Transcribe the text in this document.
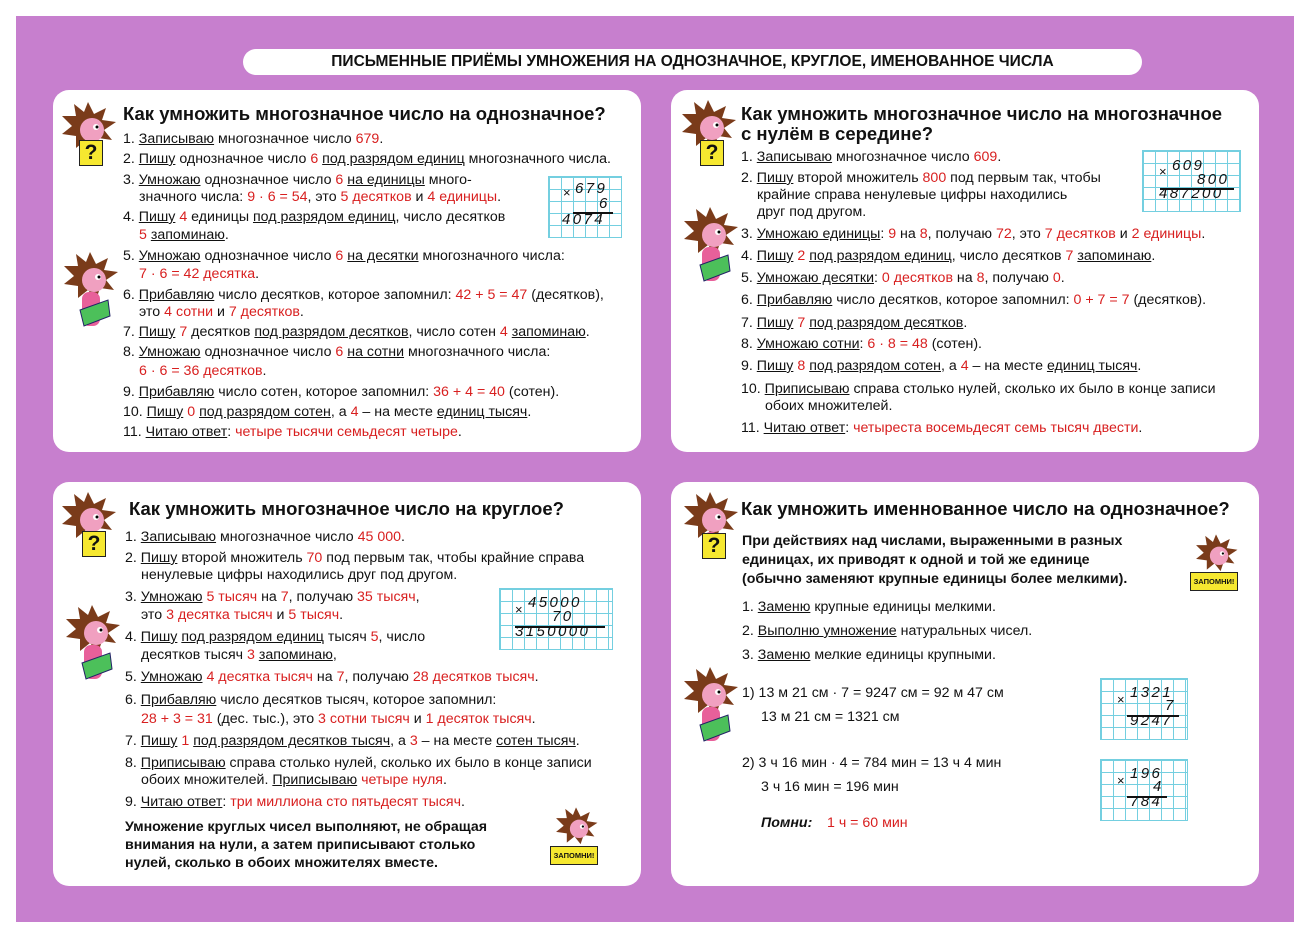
ПИСЬМЕННЫЕ ПРИЁМЫ УМНОЖЕНИЯ НА ОДНОЗНАЧНОЕ, КРУГЛОЕ, ИМЕНОВАННОЕ ЧИСЛА
Как умножить многозначное число на однозначное?
1. Записываю многозначное число 679.
2. Пишу однозначное число 6 под разрядом единиц многозначного числа.
3. Умножаю однозначное число 6 на единицы много-
значного числа: 9 · 6 = 54, это 5 десятков и 4 единицы.
4. Пишу 4 единицы под разрядом единиц, число десятков
5 запоминаю.
5. Умножаю однозначное число 6 на десятки многозначного числа:
7 · 6 = 42 десятка.
6. Прибавляю число десятков, которое запомнил: 42 + 5 = 47 (десятков),
это 4 сотни и 7 десятков.
7. Пишу 7 десятков под разрядом десятков, число сотен 4 запоминаю.
8. Умножаю однозначное число 6 на сотни многозначного числа:
6 · 6 = 36 десятков.
9. Прибавляю число сотен, которое запомнил: 36 + 4 = 40 (сотен).
10. Пишу 0 под разрядом сотен, а 4 – на месте единиц тысяч.
11. Читаю ответ: четыре тысячи семьдесят четыре.
× 679
6
4074
Как умножить многозначное число на многозначное
с нулём в середине?
1. Записываю многозначное число 609.
2. Пишу второй множитель 800 под первым так, чтобы
крайние справа ненулевые цифры находились
друг под другом.
3. Умножаю единицы: 9 на 8, получаю 72, это 7 десятков и 2 единицы.
4. Пишу 2 под разрядом единиц, число десятков 7 запоминаю.
5. Умножаю десятки: 0 десятков на 8, получаю 0.
6. Прибавляю число десятков, которое запомнил: 0 + 7 = 7 (десятков).
7. Пишу 7 под разрядом десятков.
8. Умножаю сотни: 6 · 8 = 48 (сотен).
9. Пишу 8 под разрядом сотен, а 4 – на месте единиц тысяч.
10. Приписываю справа столько нулей, сколько их было в конце записи
обоих множителей.
11. Читаю ответ: четыреста восемьдесят семь тысяч двести.
× 609
800
487200
Как умножить многозначное число на круглое?
1. Записываю многозначное число 45 000.
2. Пишу второй множитель 70 под первым так, чтобы крайние справа
ненулевые цифры находились друг под другом.
3. Умножаю 5 тысяч на 7, получаю 35 тысяч,
это 3 десятка тысяч и 5 тысяч.
4. Пишу под разрядом единиц тысяч 5, число
десятков тысяч 3 запоминаю,
5. Умножаю 4 десятка тысяч на 7, получаю 28 десятков тысяч.
6. Прибавляю число десятков тысяч, которое запомнил:
28 + 3 = 31 (дес. тыс.), это 3 сотни тысяч и 1 десяток тысяч.
7. Пишу 1 под разрядом десятков тысяч, а 3 – на месте сотен тысяч.
8. Приписываю справа столько нулей, сколько их было в конце записи
обоих множителей. Приписываю четыре нуля.
9. Читаю ответ: три миллиона сто пятьдесят тысяч.
Умножение круглых чисел выполняют, не обращая
внимания на нули, а затем приписывают столько
нулей, сколько в обоих множителях вместе.
× 45000
70
3150000
Как умножить именнованное число на однозначное?
При действиях над числами, выраженными в разных
единицах, их приводят к одной и той же единице
(обычно заменяют крупные единицы более мелкими).
1. Заменю крупные единицы мелкими.
2. Выполню умножение натуральных чисел.
3. Заменю мелкие единицы крупными.
1) 13 м 21 см · 7 = 9247 см = 92 м 47 см
13 м 21 см = 1321 см
2) 3 ч 16 мин · 4 = 784 мин = 13 ч 4 мин
3 ч 16 мин = 196 мин
Помни: 1 ч = 60 мин
× 1321
7
9247
× 196
4
784
?	?
?
ЗАПОМНИ!
?
ЗАПОМНИ!
